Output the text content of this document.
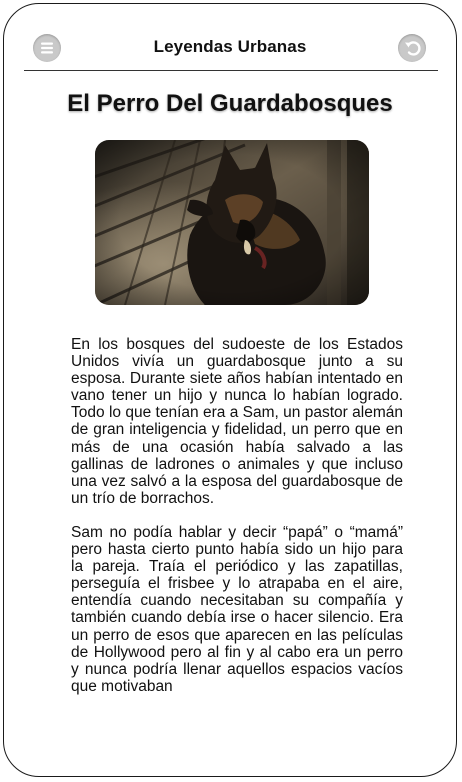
Leyendas Urbanas
El Perro Del Guardabosques

En los bosques del sudoeste de los Estados Unidos vivía un guardabosque junto a su esposa. Durante siete años habían intentado en vano tener un hijo y nunca lo habían logrado. Todo lo que tenían era a Sam, un pastor alemán de gran inteligencia y fidelidad, un perro que en más de una ocasión había salvado a las gallinas de ladrones o animales y que incluso una vez salvó a la esposa del guardabosque de un trío de borrachos.

Sam no podía hablar y decir “papá” o “mamá” pero hasta cierto punto había sido un hijo para la pareja. Traía el periódico y las zapatillas, perseguía el frisbee y lo atrapaba en el aire, entendía cuando necesitaban su compañía y también cuando debía irse o hacer silencio. Era un perro de esos que aparecen en las películas de Hollywood pero al fin y al cabo era un perro y nunca podría llenar aquellos espacios vacíos que motivaban
